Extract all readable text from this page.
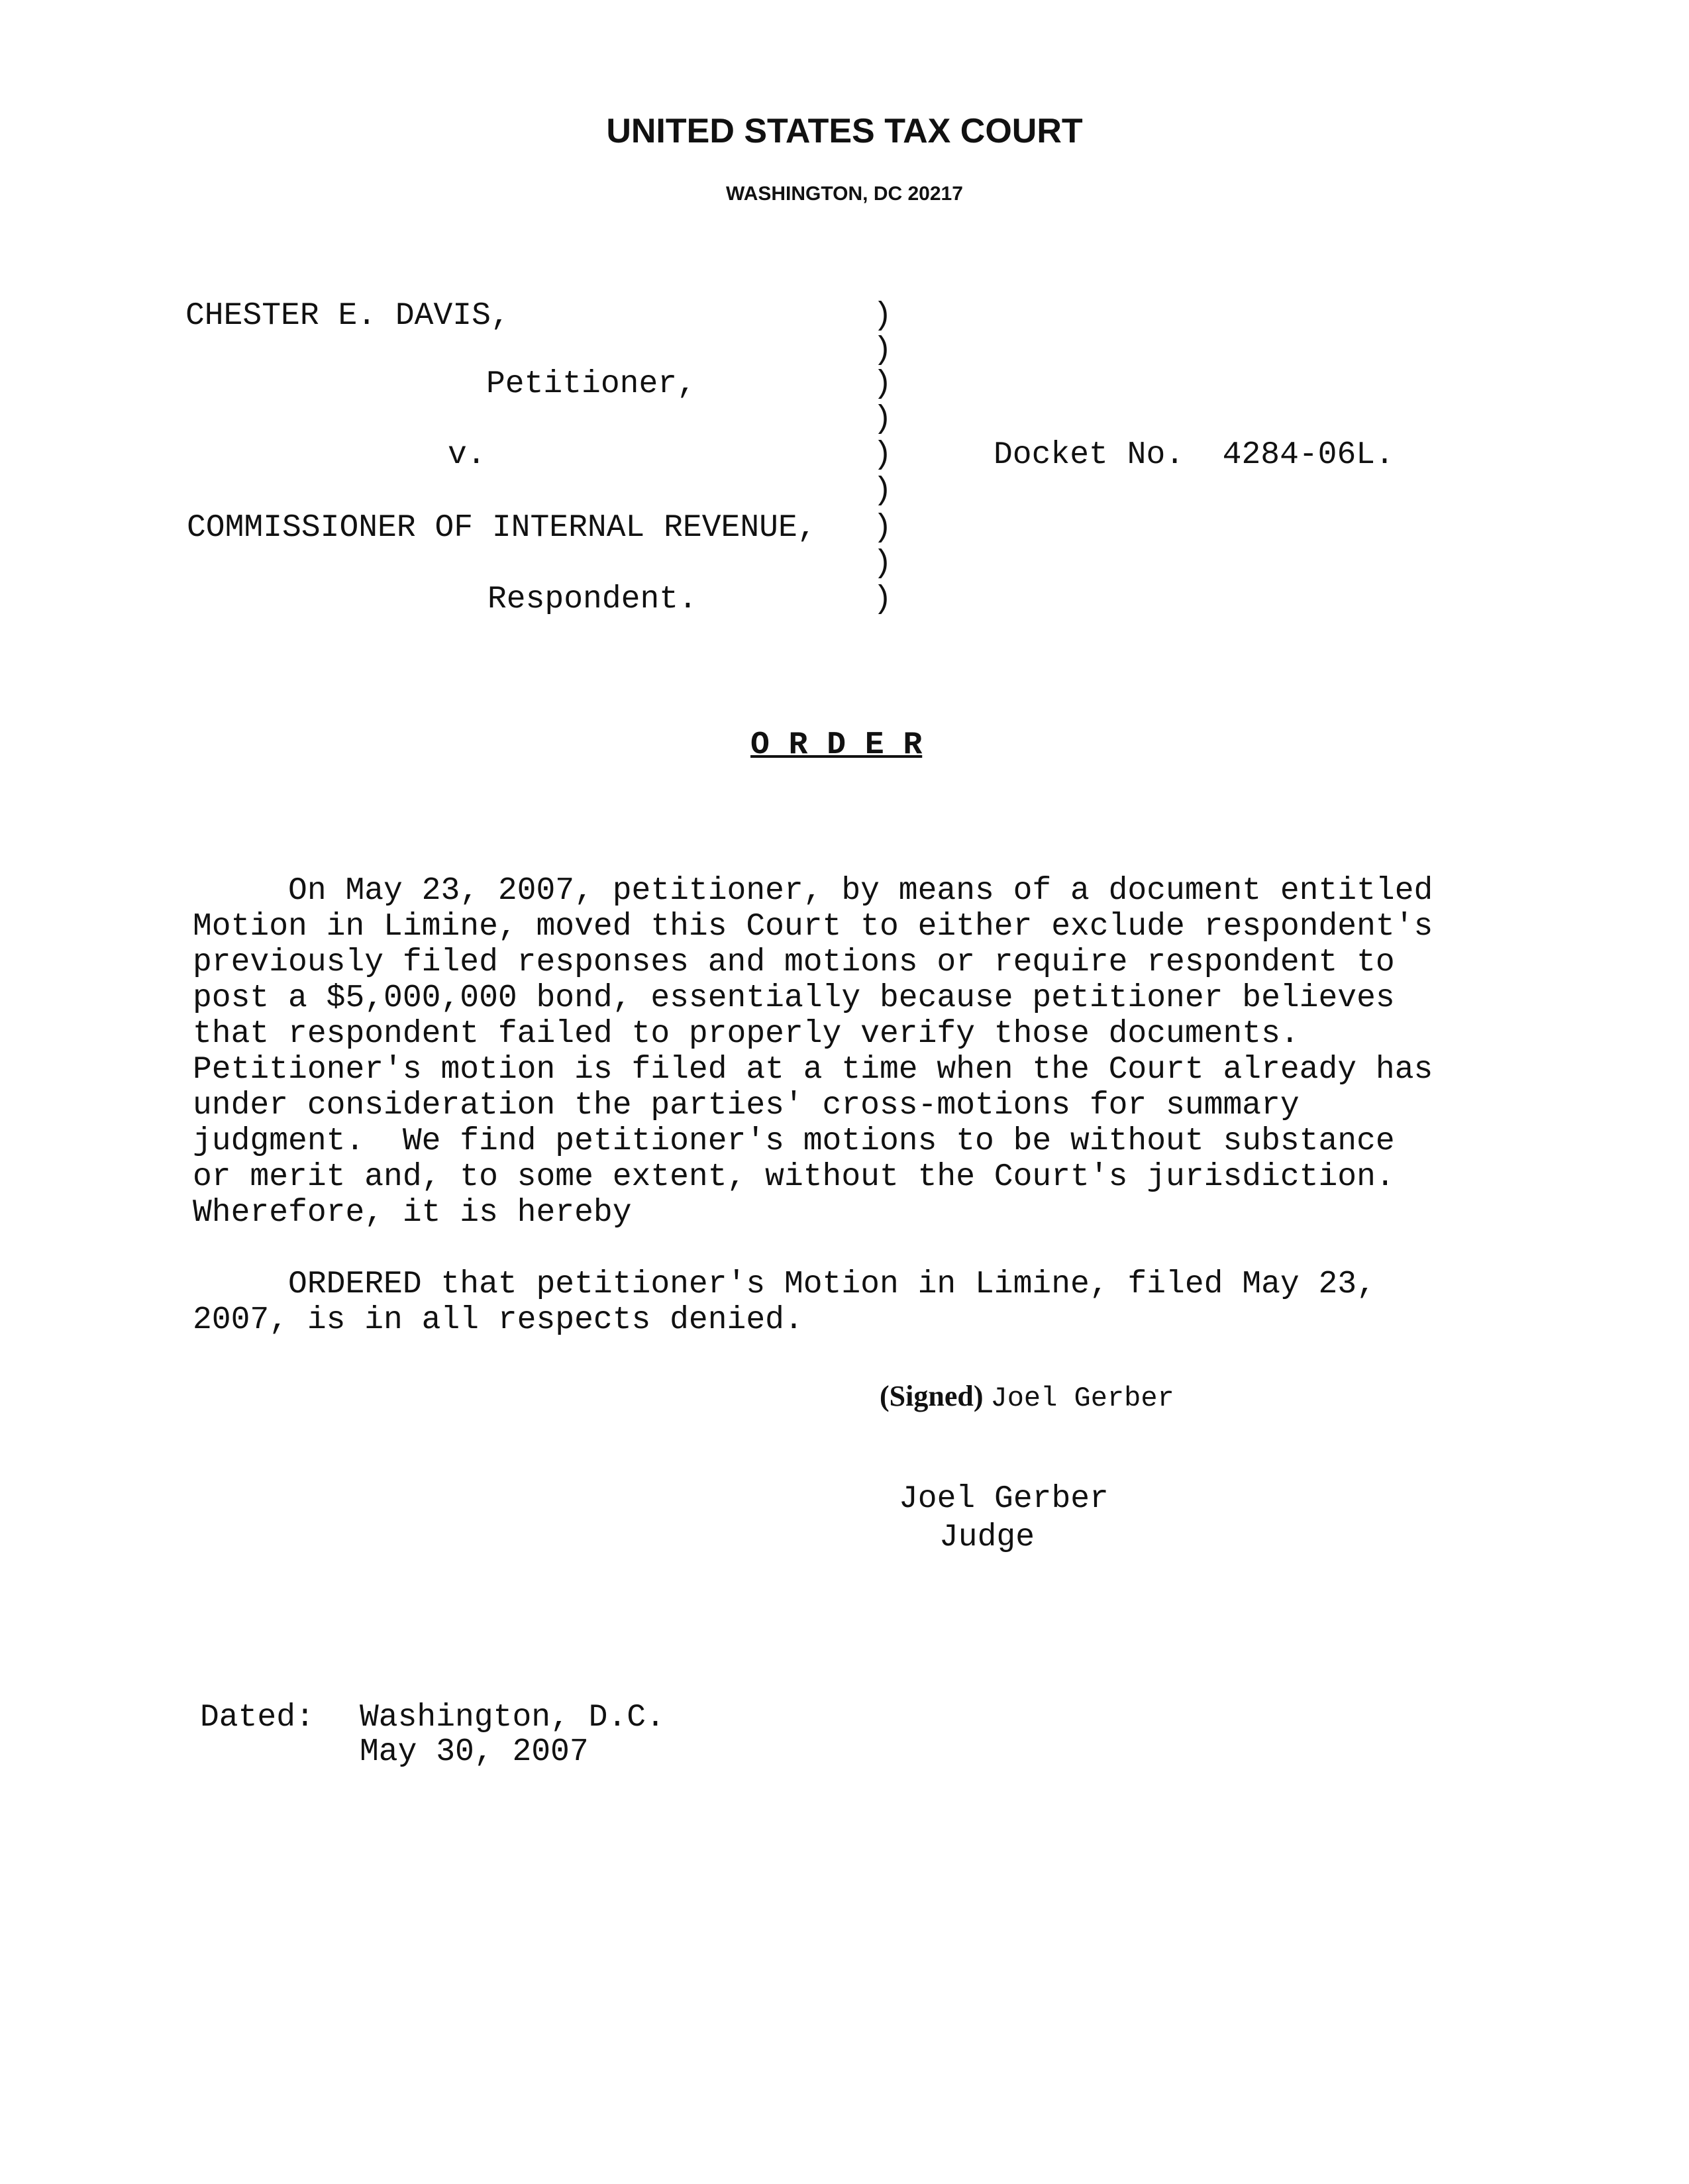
UNITED STATES TAX COURT
WASHINGTON, DC 20217
CHESTER E. DAVIS,
Petitioner,
v.
COMMISSIONER OF INTERNAL REVENUE,
Respondent.
Docket No.  4284-06L.
)
)
)
)
)
)
)
)
)
O R D E R
On May 23, 2007, petitioner, by means of a document entitled
Motion in Limine, moved this Court to either exclude respondent's
previously filed responses and motions or require respondent to
post a $5,000,000 bond, essentially because petitioner believes
that respondent failed to properly verify those documents.
Petitioner's motion is filed at a time when the Court already has
under consideration the parties' cross-motions for summary
judgment.  We find petitioner's motions to be without substance
or merit and, to some extent, without the Court's jurisdiction.
Wherefore, it is hereby
ORDERED that petitioner's Motion in Limine, filed May 23,
2007, is in all respects denied.
(Signed) Joel Gerber
Joel Gerber
Judge
Dated: Washington, D.C.
May 30, 2007
